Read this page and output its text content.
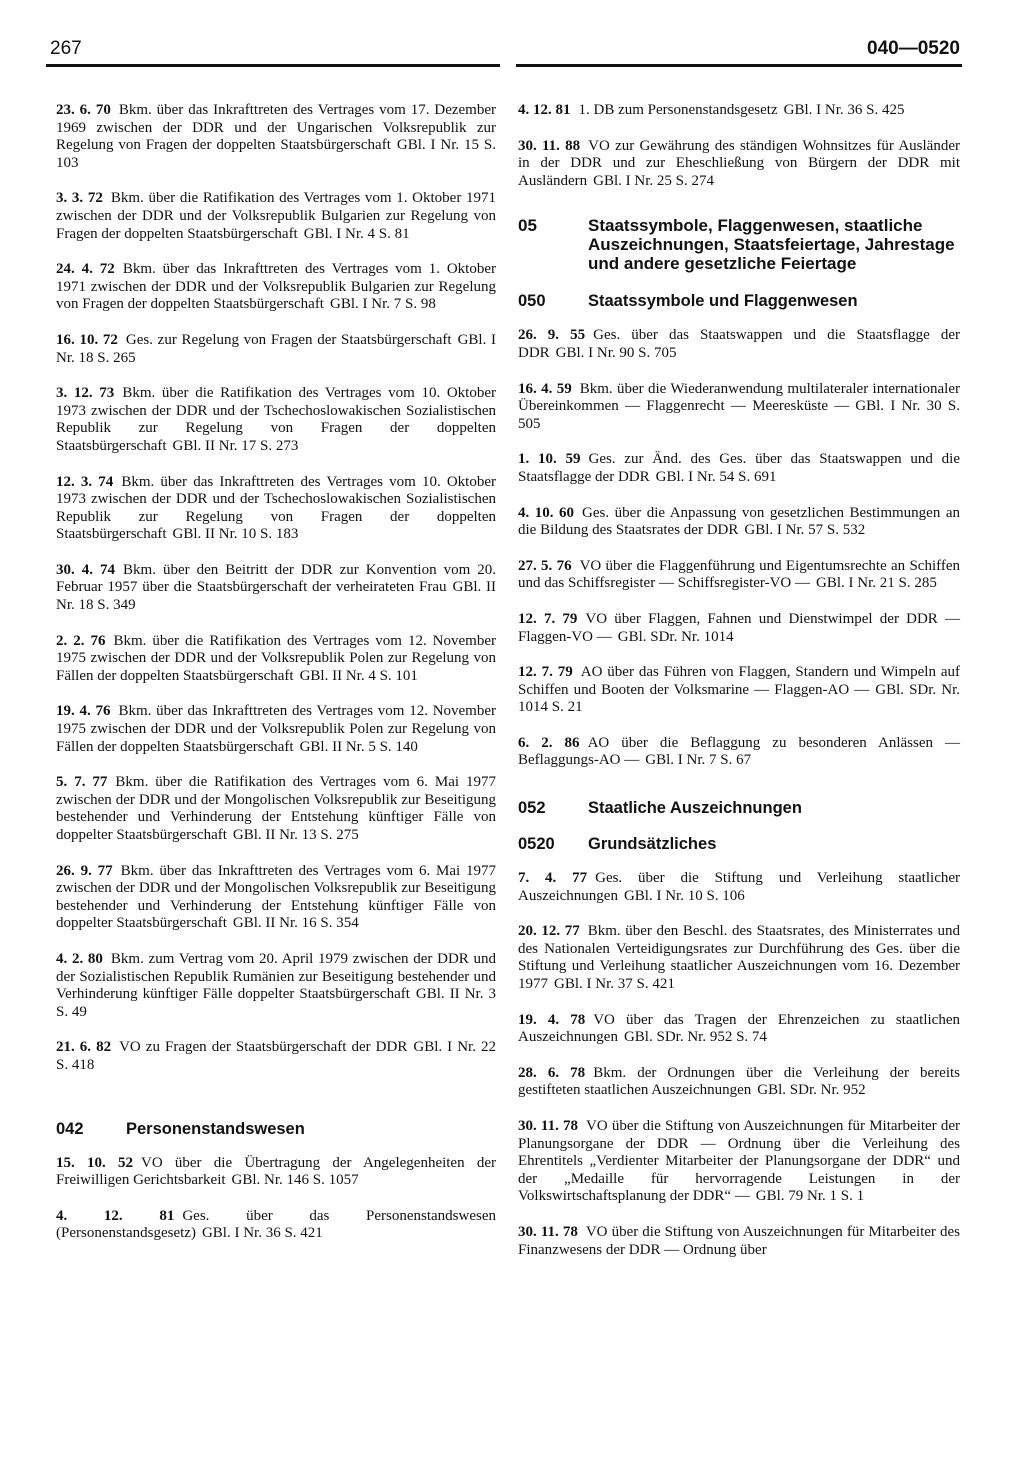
267	040—0520
23. 6. 70 Bkm. über das Inkrafttreten des Vertrages vom 17. Dezember 1969 zwischen der DDR und der Ungarischen Volksrepublik zur Regelung von Fragen der doppelten Staatsbürgerschaft GBl. I Nr. 15 S. 103
3. 3. 72 Bkm. über die Ratifikation des Vertrages vom 1. Oktober 1971 zwischen der DDR und der Volksrepublik Bulgarien zur Regelung von Fragen der doppelten Staatsbürgerschaft GBl. I Nr. 4 S. 81
24. 4. 72 Bkm. über das Inkrafttreten des Vertrages vom 1. Oktober 1971 zwischen der DDR und der Volksrepublik Bulgarien zur Regelung von Fragen der doppelten Staatsbürgerschaft GBl. I Nr. 7 S. 98
16. 10. 72 Ges. zur Regelung von Fragen der Staatsbürgerschaft GBl. I Nr. 18 S. 265
3. 12. 73 Bkm. über die Ratifikation des Vertrages vom 10. Oktober 1973 zwischen der DDR und der Tschechoslowakischen Sozialistischen Republik zur Regelung von Fragen der doppelten Staatsbürgerschaft GBl. II Nr. 17 S. 273
12. 3. 74 Bkm. über das Inkrafttreten des Vertrages vom 10. Oktober 1973 zwischen der DDR und der Tschechoslowakischen Sozialistischen Republik zur Regelung von Fragen der doppelten Staatsbürgerschaft GBl. II Nr. 10 S. 183
30. 4. 74 Bkm. über den Beitritt der DDR zur Konvention vom 20. Februar 1957 über die Staatsbürgerschaft der verheirateten Frau GBl. II Nr. 18 S. 349
2. 2. 76 Bkm. über die Ratifikation des Vertrages vom 12. November 1975 zwischen der DDR und der Volksrepublik Polen zur Regelung von Fällen der doppelten Staatsbürgerschaft GBl. II Nr. 4 S. 101
19. 4. 76 Bkm. über das Inkrafttreten des Vertrages vom 12. November 1975 zwischen der DDR und der Volksrepublik Polen zur Regelung von Fällen der doppelten Staatsbürgerschaft GBl. II Nr. 5 S. 140
5. 7. 77 Bkm. über die Ratifikation des Vertrages vom 6. Mai 1977 zwischen der DDR und der Mongolischen Volksrepublik zur Beseitigung bestehender und Verhinderung der Entstehung künftiger Fälle von doppelter Staatsbürgerschaft GBl. II Nr. 13 S. 275
26. 9. 77 Bkm. über das Inkrafttreten des Vertrages vom 6. Mai 1977 zwischen der DDR und der Mongolischen Volksrepublik zur Beseitigung bestehender und Verhinderung der Entstehung künftiger Fälle von doppelter Staatsbürgerschaft GBl. II Nr. 16 S. 354
4. 2. 80 Bkm. zum Vertrag vom 20. April 1979 zwischen der DDR und der Sozialistischen Republik Rumänien zur Beseitigung bestehender und Verhinderung künftiger Fälle doppelter Staatsbürgerschaft GBl. II Nr. 3 S. 49
21. 6. 82 VO zu Fragen der Staatsbürgerschaft der DDR GBl. I Nr. 22 S. 418
042	Personenstandswesen
15. 10. 52 VO über die Übertragung der Angelegenheiten der Freiwilligen Gerichtsbarkeit GBl. Nr. 146 S. 1057
4. 12. 81 Ges. über das Personenstandswesen (Personenstandsgesetz) GBl. I Nr. 36 S. 421
4. 12. 81 1. DB zum Personenstandsgesetz GBl. I Nr. 36 S. 425
30. 11. 88 VO zur Gewährung des ständigen Wohnsitzes für Ausländer in der DDR und zur Eheschließung von Bürgern der DDR mit Ausländern GBl. I Nr. 25 S. 274
05	Staatssymbole, Flaggenwesen, staatliche Auszeichnungen, Staatsfeiertage, Jahrestage und andere gesetzliche Feiertage
050	Staatssymbole und Flaggenwesen
26. 9. 55 Ges. über das Staatswappen und die Staatsflagge der DDR GBl. I Nr. 90 S. 705
16. 4. 59 Bkm. über die Wiederanwendung multilateraler internationaler Übereinkommen — Flaggenrecht — Meeresküste — GBl. I Nr. 30 S. 505
1. 10. 59 Ges. zur Änd. des Ges. über das Staatswappen und die Staatsflagge der DDR GBl. I Nr. 54 S. 691
4. 10. 60 Ges. über die Anpassung von gesetzlichen Bestimmungen an die Bildung des Staatsrates der DDR GBl. I Nr. 57 S. 532
27. 5. 76 VO über die Flaggenführung und Eigentumsrechte an Schiffen und das Schiffsregister — Schiffsregister-VO — GBl. I Nr. 21 S. 285
12. 7. 79 VO über Flaggen, Fahnen und Dienstwimpel der DDR — Flaggen-VO — GBl. SDr. Nr. 1014
12. 7. 79 AO über das Führen von Flaggen, Standern und Wimpeln auf Schiffen und Booten der Volksmarine — Flaggen-AO — GBl. SDr. Nr. 1014 S. 21
6. 2. 86 AO über die Beflaggung zu besonderen Anlässen — Beflaggungs-AO — GBl. I Nr. 7 S. 67
052	Staatliche Auszeichnungen
0520	Grundsätzliches
7. 4. 77 Ges. über die Stiftung und Verleihung staatlicher Auszeichnungen GBl. I Nr. 10 S. 106
20. 12. 77 Bkm. über den Beschl. des Staatsrates, des Ministerrates und des Nationalen Verteidigungsrates zur Durchführung des Ges. über die Stiftung und Verleihung staatlicher Auszeichnungen vom 16. Dezember 1977 GBl. I Nr. 37 S. 421
19. 4. 78 VO über das Tragen der Ehrenzeichen zu staatlichen Auszeichnungen GBl. SDr. Nr. 952 S. 74
28. 6. 78 Bkm. der Ordnungen über die Verleihung der bereits gestifteten staatlichen Auszeichnungen GBl. SDr. Nr. 952
30. 11. 78 VO über die Stiftung von Auszeichnungen für Mitarbeiter der Planungsorgane der DDR — Ordnung über die Verleihung des Ehrentitels „Verdienter Mitarbeiter der Planungsorgane der DDR“ und der „Medaille für hervorragende Leistungen in der Volkswirtschaftsplanung der DDR“ — GBl. 79 Nr. 1 S. 1
30. 11. 78 VO über die Stiftung von Auszeichnungen für Mitarbeiter des Finanzwesens der DDR — Ordnung über
